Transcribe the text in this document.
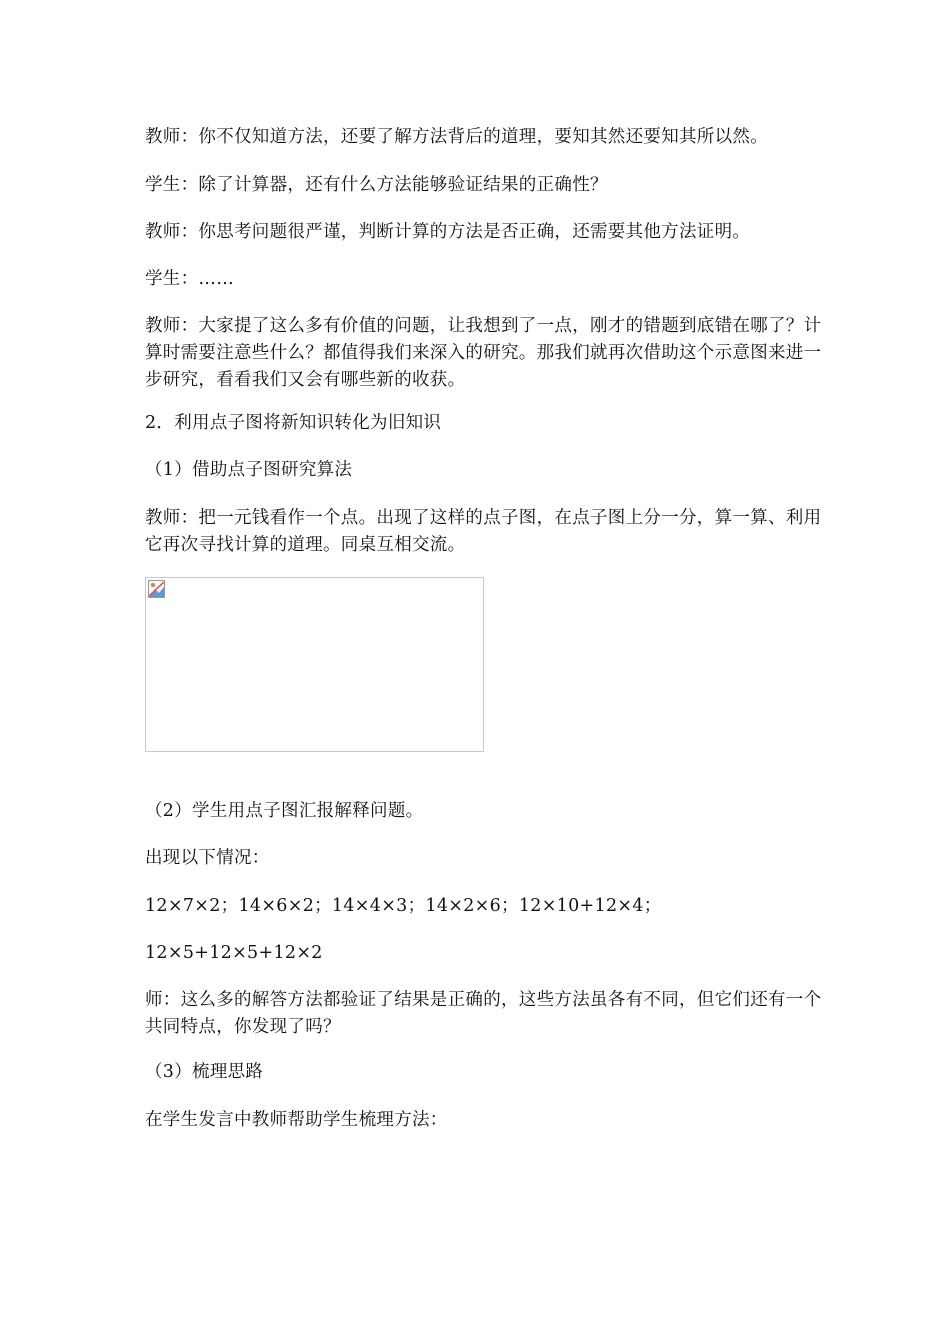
教师：你不仅知道方法，还要了解方法背后的道理，要知其然还要知其所以然。

学生：除了计算器，还有什么方法能够验证结果的正确性？

教师：你思考问题很严谨，判断计算的方法是否正确，还需要其他方法证明。

学生：……

教师：大家提了这么多有价值的问题，让我想到了一点，刚才的错题到底错在哪了？计算时需要注意些什么？都值得我们来深入的研究。那我们就再次借助这个示意图来进一步研究，看看我们又会有哪些新的收获。

2．利用点子图将新知识转化为旧知识

（1）借助点子图研究算法

教师：把一元钱看作一个点。出现了这样的点子图，在点子图上分一分，算一算、利用它再次寻找计算的道理。同桌互相交流。

（2）学生用点子图汇报解释问题。

出现以下情况：

12×7×2；14×6×2；14×4×3；14×2×6；12×10+12×4；

12×5+12×5+12×2

师：这么多的解答方法都验证了结果是正确的，这些方法虽各有不同，但它们还有一个共同特点，你发现了吗？

（3）梳理思路

在学生发言中教师帮助学生梳理方法：
